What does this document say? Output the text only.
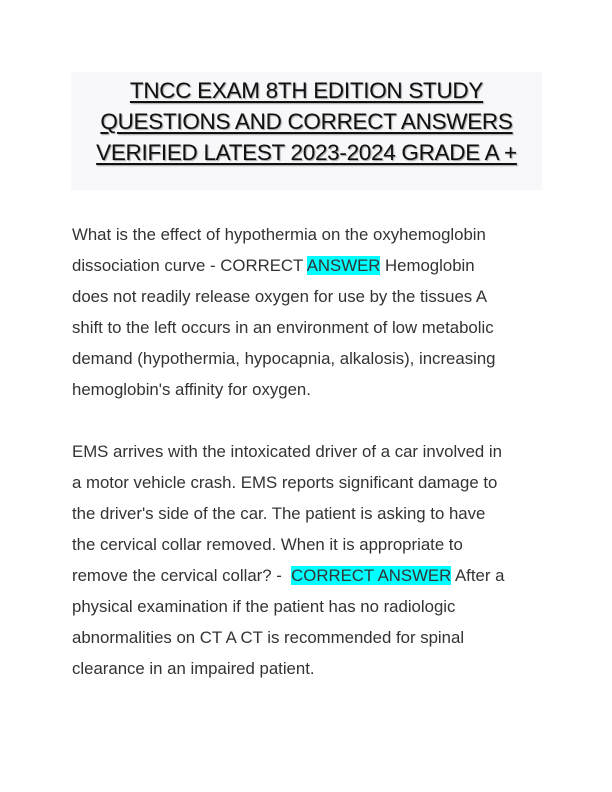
TNCC EXAM 8TH EDITION STUDY
QUESTIONS AND CORRECT ANSWERS
VERIFIED LATEST 2023-2024 GRADE A +

What is the effect of hypothermia on the oxyhemoglobin
dissociation curve - CORRECT ANSWER Hemoglobin
does not readily release oxygen for use by the tissues A
shift to the left occurs in an environment of low metabolic
demand (hypothermia, hypocapnia, alkalosis), increasing
hemoglobin's affinity for oxygen.

EMS arrives with the intoxicated driver of a car involved in
a motor vehicle crash. EMS reports significant damage to
the driver's side of the car. The patient is asking to have
the cervical collar removed. When it is appropriate to
remove the cervical collar? -  CORRECT ANSWER After a
physical examination if the patient has no radiologic
abnormalities on CT A CT is recommended for spinal
clearance in an impaired patient.
